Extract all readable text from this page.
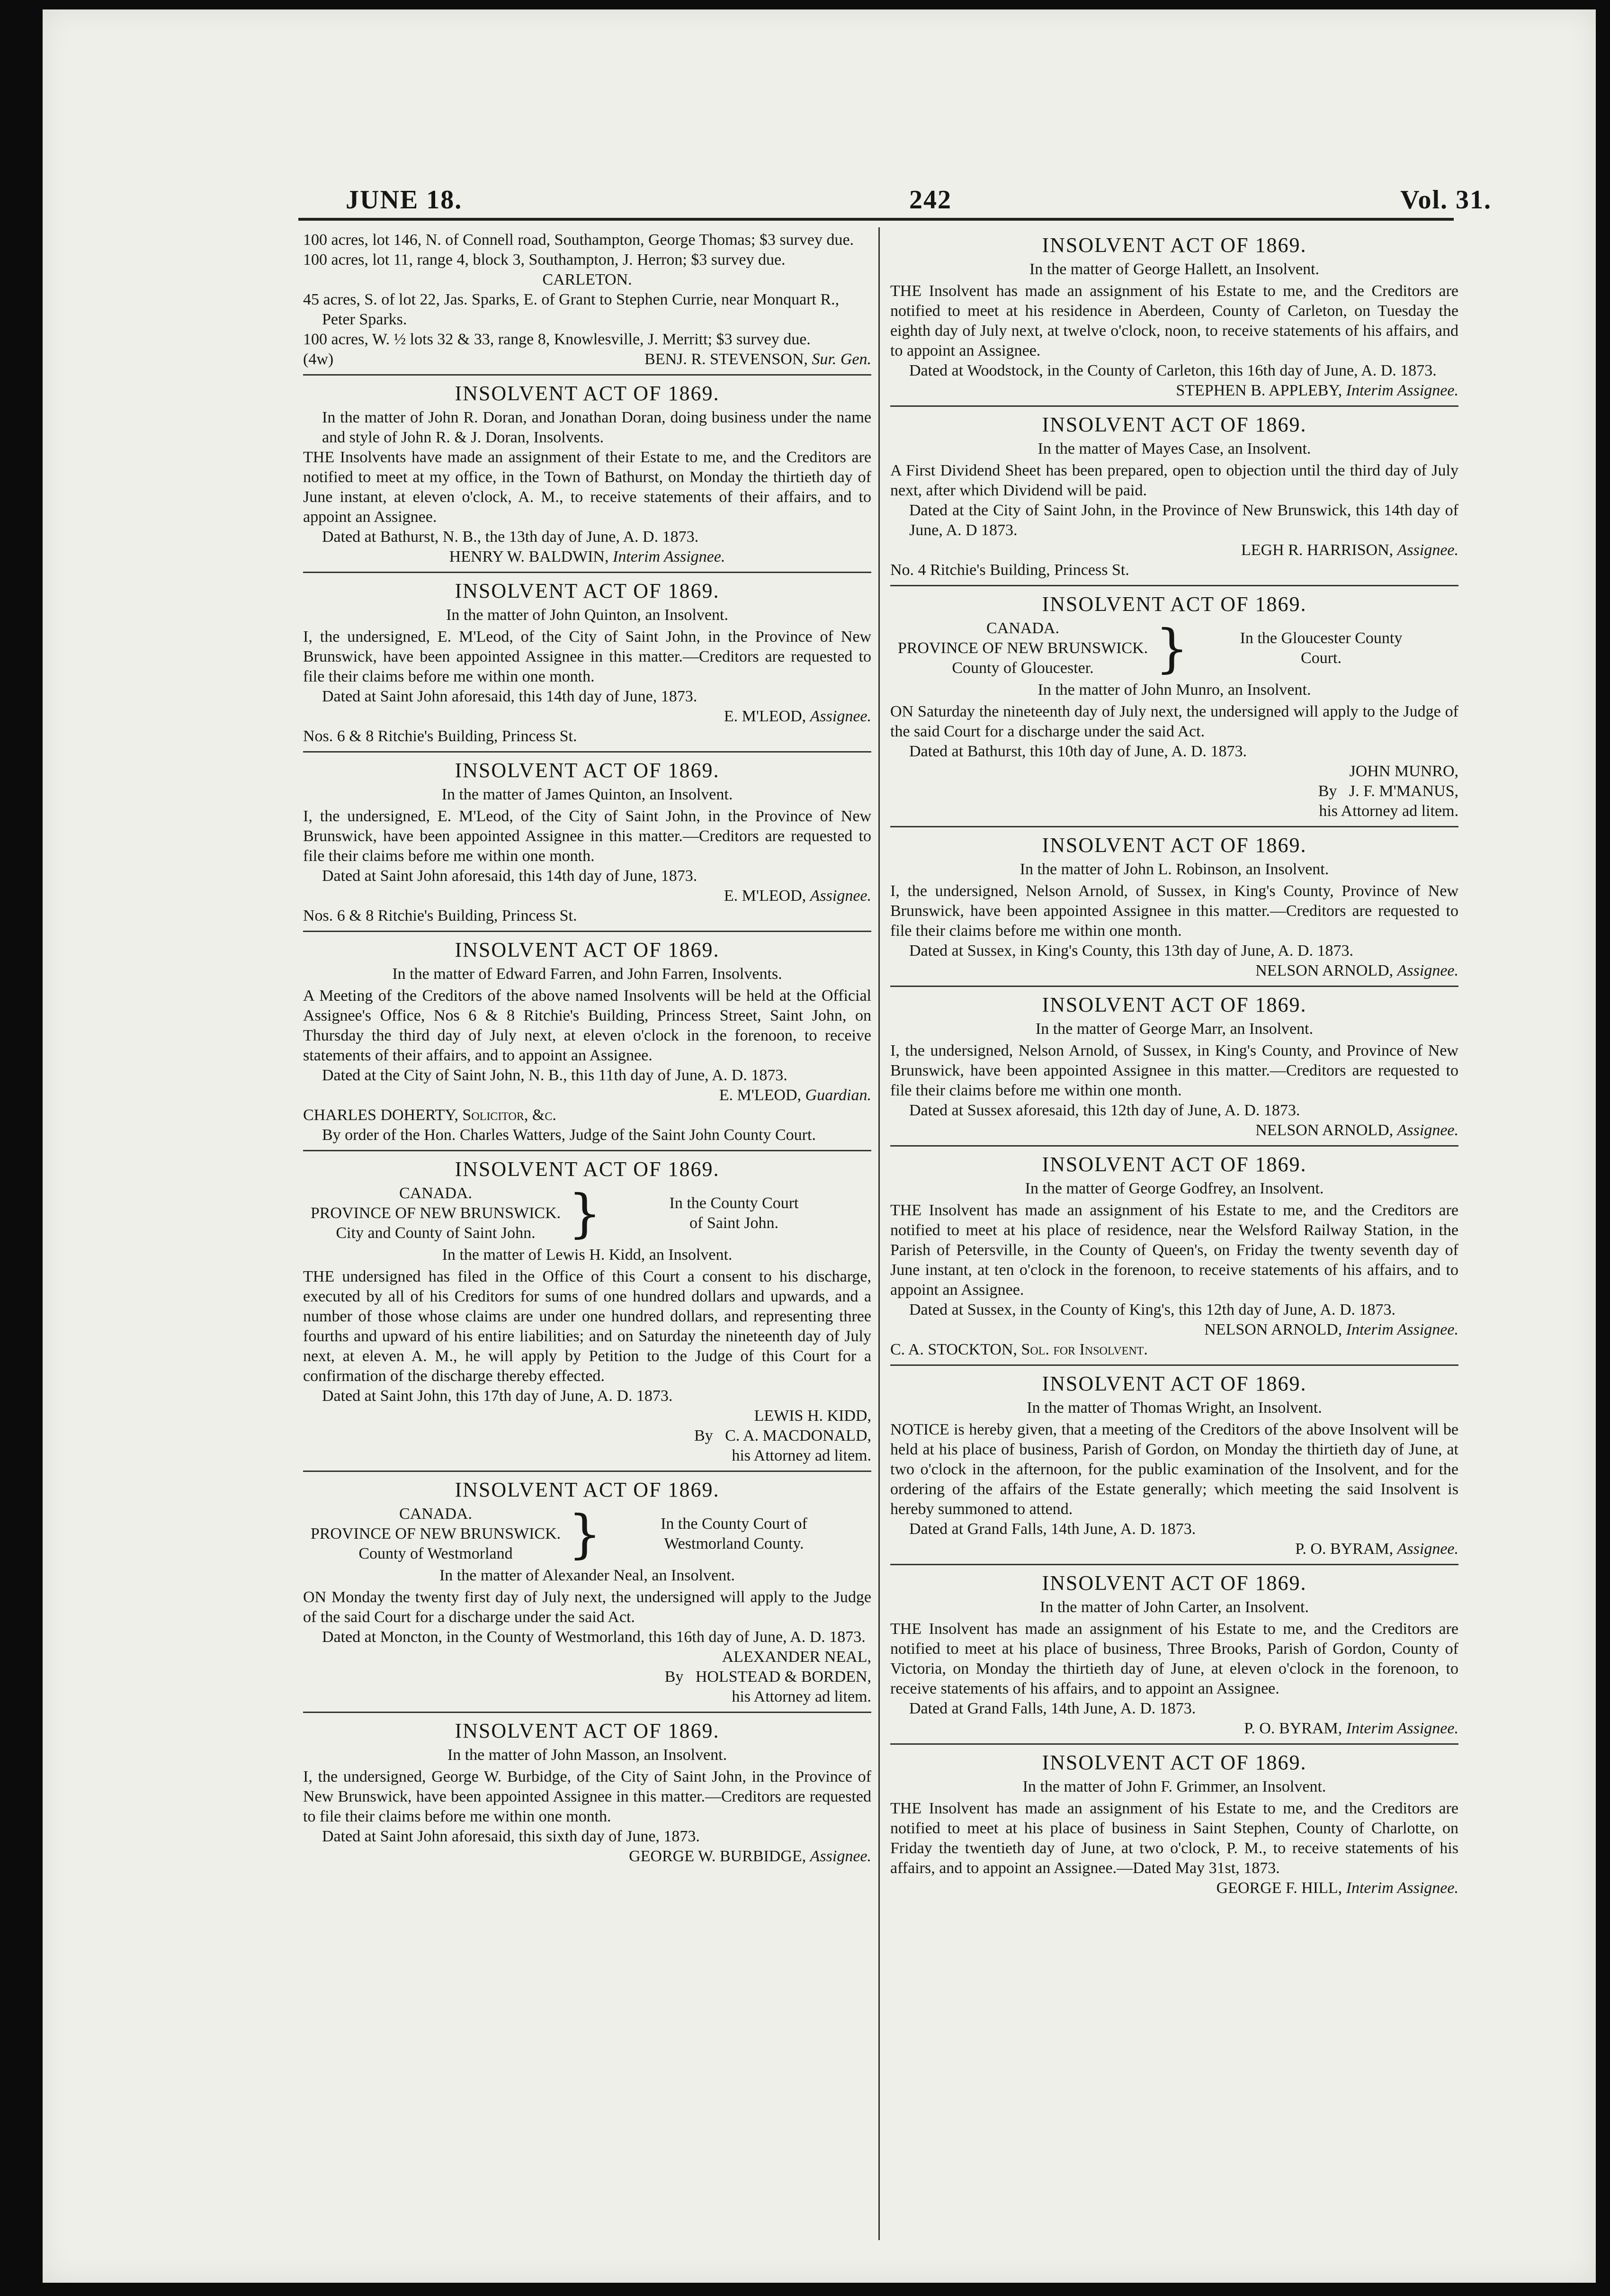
JUNE 18.	242	Vol. 31.

100 acres, lot 146, N. of Connell road, Southampton, George Thomas; $3 survey due.

100 acres, lot 11, range 4, block 3, Southampton, J. Herron; $3 survey due.

CARLETON.

45 acres, S. of lot 22, Jas. Sparks, E. of Grant to Stephen Currie, near Monquart R., Peter Sparks.

100 acres, W. ½ lots 32 & 33, range 8, Knowlesville, J. Merritt; $3 survey due.

(4w)	BENJ. R. STEVENSON, Sur. Gen.
INSOLVENT ACT OF 1869.

In the matter of John R. Doran, and Jonathan Doran, doing business under the name and style of John R. & J. Doran, Insolvents.

THE Insolvents have made an assignment of their Estate to me, and the Creditors are notified to meet at my office, in the Town of Bathurst, on Monday the thirtieth day of June instant, at eleven o'clock, A. M., to receive statements of their affairs, and to appoint an Assignee.

Dated at Bathurst, N. B., the 13th day of June, A. D. 1873.

HENRY W. BALDWIN, Interim Assignee.
INSOLVENT ACT OF 1869.
In the matter of John Quinton, an Insolvent.

I, the undersigned, E. M'Leod, of the City of Saint John, in the Province of New Brunswick, have been appointed Assignee in this matter.—Creditors are requested to file their claims before me within one month.

Dated at Saint John aforesaid, this 14th day of June, 1873.

E. M'LEOD, Assignee.
Nos. 6 & 8 Ritchie's Building, Princess St.
INSOLVENT ACT OF 1869.
In the matter of James Quinton, an Insolvent.

I, the undersigned, E. M'Leod, of the City of Saint John, in the Province of New Brunswick, have been appointed Assignee in this matter.—Creditors are requested to file their claims before me within one month.

Dated at Saint John aforesaid, this 14th day of June, 1873.

E. M'LEOD, Assignee.
Nos. 6 & 8 Ritchie's Building, Princess St.
INSOLVENT ACT OF 1869.
In the matter of Edward Farren, and John Farren, Insolvents.

A Meeting of the Creditors of the above named Insolvents will be held at the Official Assignee's Office, Nos 6 & 8 Ritchie's Building, Princess Street, Saint John, on Thursday the third day of July next, at eleven o'clock in the forenoon, to receive statements of their affairs, and to appoint an Assignee.

Dated at the City of Saint John, N. B., this 11th day of June, A. D. 1873.

E. M'LEOD, Guardian.
CHARLES DOHERTY, Solicitor, &c.

By order of the Hon. Charles Watters, Judge of the Saint John County Court.

INSOLVENT ACT OF 1869.
CANADA.
PROVINCE OF NEW BRUNSWICK.
City and County of Saint John. }	In the County Court
of Saint John.
In the matter of Lewis H. Kidd, an Insolvent.

THE undersigned has filed in the Office of this Court a consent to his discharge, executed by all of his Creditors for sums of one hundred dollars and upwards, and a number of those whose claims are under one hundred dollars, and representing three fourths and upward of his entire liabilities; and on Saturday the nineteenth day of July next, at eleven A. M., he will apply by Petition to the Judge of this Court for a confirmation of the discharge thereby effected.

Dated at Saint John, this 17th day of June, A. D. 1873.

LEWIS H. KIDD,
By C. A. MACDONALD,
his Attorney ad litem.
INSOLVENT ACT OF 1869.
CANADA.
PROVINCE OF NEW BRUNSWICK.
County of Westmorland	}	In the County Court of
Westmorland County.
In the matter of Alexander Neal, an Insolvent.

ON Monday the twenty first day of July next, the undersigned will apply to the Judge of the said Court for a discharge under the said Act.

Dated at Moncton, in the County of Westmorland, this 16th day of June, A. D. 1873.

ALEXANDER NEAL,
By HOLSTEAD & BORDEN,
his Attorney ad litem.
INSOLVENT ACT OF 1869.
In the matter of John Masson, an Insolvent.

I, the undersigned, George W. Burbidge, of the City of Saint John, in the Province of New Brunswick, have been appointed Assignee in this matter.—Creditors are requested to file their claims before me within one month.

Dated at Saint John aforesaid, this sixth day of June, 1873.

GEORGE W. BURBIDGE, Assignee.
INSOLVENT ACT OF 1869.
In the matter of George Hallett, an Insolvent.

THE Insolvent has made an assignment of his Estate to me, and the Creditors are notified to meet at his residence in Aberdeen, County of Carleton, on Tuesday the eighth day of July next, at twelve o'clock, noon, to receive statements of his affairs, and to appoint an Assignee.

Dated at Woodstock, in the County of Carleton, this 16th day of June, A. D. 1873.

STEPHEN B. APPLEBY, Interim Assignee.
INSOLVENT ACT OF 1869.
In the matter of Mayes Case, an Insolvent.

A First Dividend Sheet has been prepared, open to objection until the third day of July next, after which Dividend will be paid.

Dated at the City of Saint John, in the Province of New Brunswick, this 14th day of June, A. D 1873.

LEGH R. HARRISON, Assignee.
No. 4 Ritchie's Building, Princess St.
INSOLVENT ACT OF 1869.
CANADA.
PROVINCE OF NEW BRUNSWICK.
County of Gloucester.	}	In the Gloucester County
Court.
In the matter of John Munro, an Insolvent.

ON Saturday the nineteenth day of July next, the undersigned will apply to the Judge of the said Court for a discharge under the said Act.

Dated at Bathurst, this 10th day of June, A. D. 1873.

JOHN MUNRO,
By J. F. M'MANUS,
his Attorney ad litem.
INSOLVENT ACT OF 1869.
In the matter of John L. Robinson, an Insolvent.

I, the undersigned, Nelson Arnold, of Sussex, in King's County, Province of New Brunswick, have been appointed Assignee in this matter.—Creditors are requested to file their claims before me within one month.

Dated at Sussex, in King's County, this 13th day of June, A. D. 1873.

NELSON ARNOLD, Assignee.
INSOLVENT ACT OF 1869.
In the matter of George Marr, an Insolvent.

I, the undersigned, Nelson Arnold, of Sussex, in King's County, and Province of New Brunswick, have been appointed Assignee in this matter.—Creditors are requested to file their claims before me within one month.

Dated at Sussex aforesaid, this 12th day of June, A. D. 1873.

NELSON ARNOLD, Assignee.
INSOLVENT ACT OF 1869.
In the matter of George Godfrey, an Insolvent.

THE Insolvent has made an assignment of his Estate to me, and the Creditors are notified to meet at his place of residence, near the Welsford Railway Station, in the Parish of Petersville, in the County of Queen's, on Friday the twenty seventh day of June instant, at ten o'clock in the forenoon, to receive statements of his affairs, and to appoint an Assignee.

Dated at Sussex, in the County of King's, this 12th day of June, A. D. 1873.

NELSON ARNOLD, Interim Assignee.
C. A. STOCKTON, Sol. for Insolvent.
INSOLVENT ACT OF 1869.
In the matter of Thomas Wright, an Insolvent.

NOTICE is hereby given, that a meeting of the Creditors of the above Insolvent will be held at his place of business, Parish of Gordon, on Monday the thirtieth day of June, at two o'clock in the afternoon, for the public examination of the Insolvent, and for the ordering of the affairs of the Estate generally; which meeting the said Insolvent is hereby summoned to attend.

Dated at Grand Falls, 14th June, A. D. 1873.

P. O. BYRAM, Assignee.
INSOLVENT ACT OF 1869.
In the matter of John Carter, an Insolvent.

THE Insolvent has made an assignment of his Estate to me, and the Creditors are notified to meet at his place of business, Three Brooks, Parish of Gordon, County of Victoria, on Monday the thirtieth day of June, at eleven o'clock in the forenoon, to receive statements of his affairs, and to appoint an Assignee.

Dated at Grand Falls, 14th June, A. D. 1873.

P. O. BYRAM, Interim Assignee.
INSOLVENT ACT OF 1869.
In the matter of John F. Grimmer, an Insolvent.

THE Insolvent has made an assignment of his Estate to me, and the Creditors are notified to meet at his place of business in Saint Stephen, County of Charlotte, on Friday the twentieth day of June, at two o'clock, P. M., to receive statements of his affairs, and to appoint an Assignee.—Dated May 31st, 1873.

GEORGE F. HILL, Interim Assignee.
